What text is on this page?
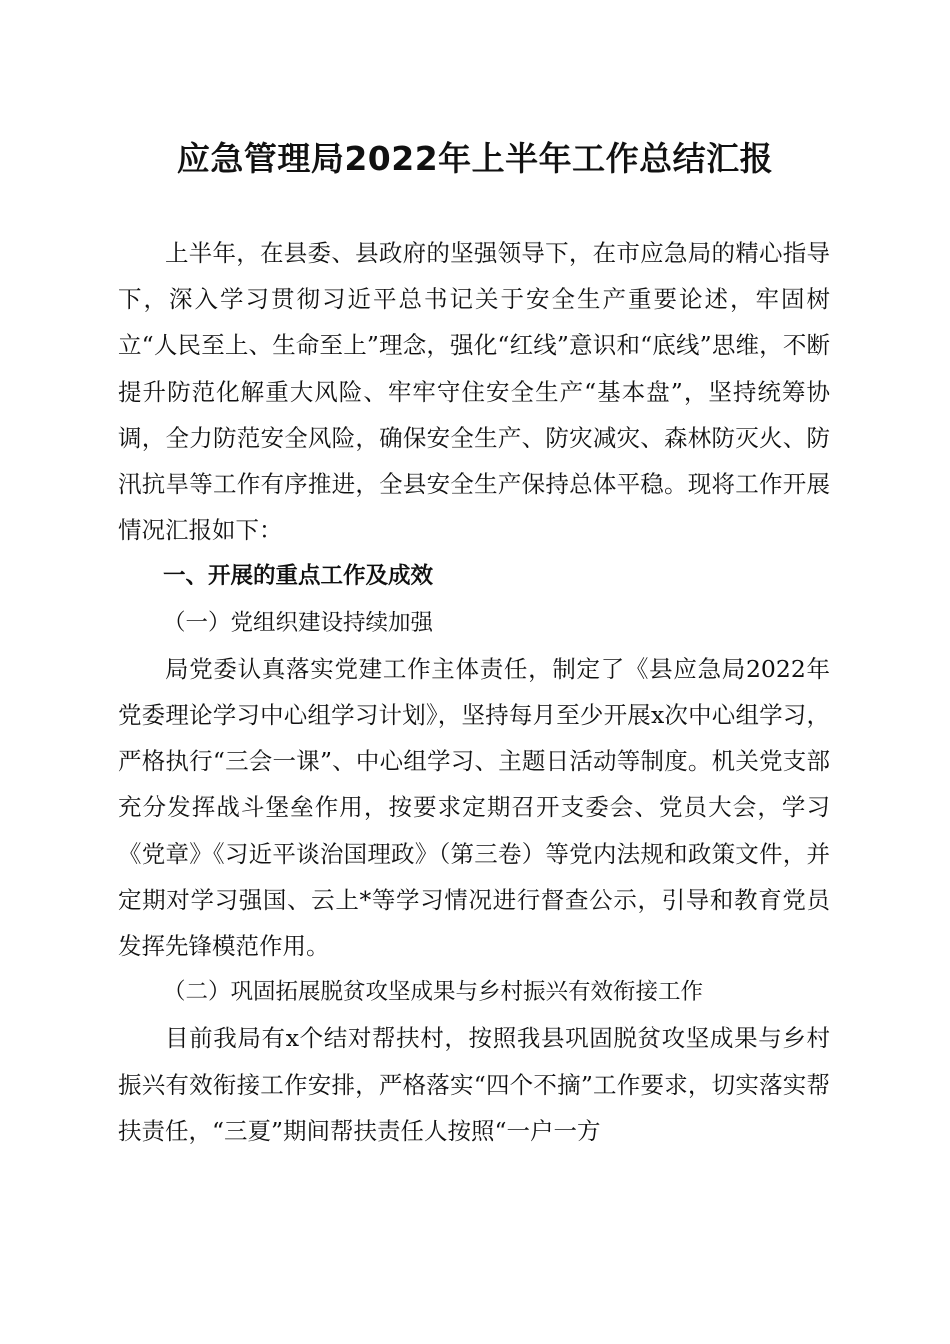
应急管理局2022年上半年工作总结汇报

上半年，在县委、县政府的坚强领导下，在市应急局的精心指导下，深入学习贯彻习近平总书记关于安全生产重要论述，牢固树立“人民至上、生命至上”理念，强化“红线”意识和“底线”思维，不断提升防范化解重大风险、牢牢守住安全生产“基本盘”，坚持统筹协调，全力防范安全风险，确保安全生产、防灾减灾、森林防灭火、防汛抗旱等工作有序推进，全县安全生产保持总体平稳。现将工作开展情况汇报如下：

一、开展的重点工作及成效

（一）党组织建设持续加强

局党委认真落实党建工作主体责任，制定了《县应急局2022年党委理论学习中心组学习计划》，坚持每月至少开展x次中心组学习，严格执行“三会一课”、中心组学习、主题日活动等制度。机关党支部充分发挥战斗堡垒作用，按要求定期召开支委会、党员大会，学习《党章》《习近平谈治国理政》（第三卷）等党内法规和政策文件，并定期对学习强国、云上*等学习情况进行督查公示，引导和教育党员发挥先锋模范作用。

（二）巩固拓展脱贫攻坚成果与乡村振兴有效衔接工作

目前我局有x个结对帮扶村，按照我县巩固脱贫攻坚成果与乡村振兴有效衔接工作安排，严格落实“四个不摘”工作要求，切实落实帮扶责任，“三夏”期间帮扶责任人按照“一户一方
